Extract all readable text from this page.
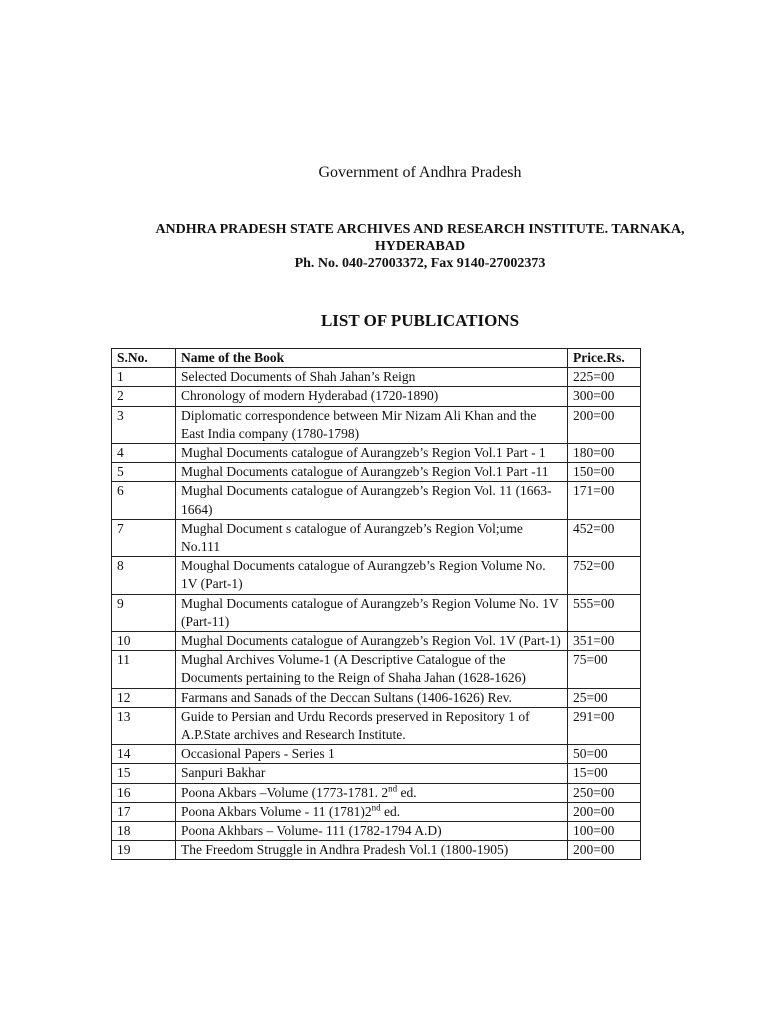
Government of Andhra Pradesh
ANDHRA PRADESH STATE ARCHIVES AND RESEARCH INSTITUTE. TARNAKA, HYDERABAD
Ph. No. 040-27003372, Fax 9140-27002373
LIST OF PUBLICATIONS
S.No.	Name of the Book	Price.Rs.
1	Selected Documents of Shah Jahan’s Reign	225=00
2	Chronology of modern Hyderabad (1720-1890)	300=00
3	Diplomatic correspondence between Mir Nizam Ali Khan and the East India company (1780-1798)	200=00
4	Mughal Documents catalogue of Aurangzeb’s Region Vol.1 Part - 1	180=00
5	Mughal Documents catalogue of Aurangzeb’s Region Vol.1 Part -11	150=00
6	Mughal Documents catalogue of Aurangzeb’s Region Vol. 11 (1663-1664)	171=00
7	Mughal Document s catalogue of Aurangzeb’s Region Vol;ume No.111	452=00
8	Moughal Documents catalogue of Aurangzeb’s Region Volume No. 1V (Part-1)	752=00
9	Mughal Documents catalogue of Aurangzeb’s Region Volume No. 1V (Part-11)	555=00
10	Mughal Documents catalogue of Aurangzeb’s Region Vol. 1V (Part-1)	351=00
11	Mughal Archives Volume-1 (A Descriptive Catalogue of the Documents pertaining to the Reign of Shaha Jahan (1628-1626)	75=00
12	Farmans and Sanads of the Deccan Sultans (1406-1626) Rev.	25=00
13	Guide to Persian and Urdu Records preserved in Repository 1 of A.P.State archives and Research Institute.	291=00
14	Occasional Papers - Series 1	50=00
15	Sanpuri Bakhar	15=00
16	Poona Akbars –Volume (1773-1781. 2nd ed.	250=00
17	Poona Akbars Volume - 11 (1781)2nd ed.	200=00
18	Poona Akhbars – Volume- 111 (1782-1794 A.D)	100=00
19	The Freedom Struggle in Andhra Pradesh Vol.1 (1800-1905)	200=00
